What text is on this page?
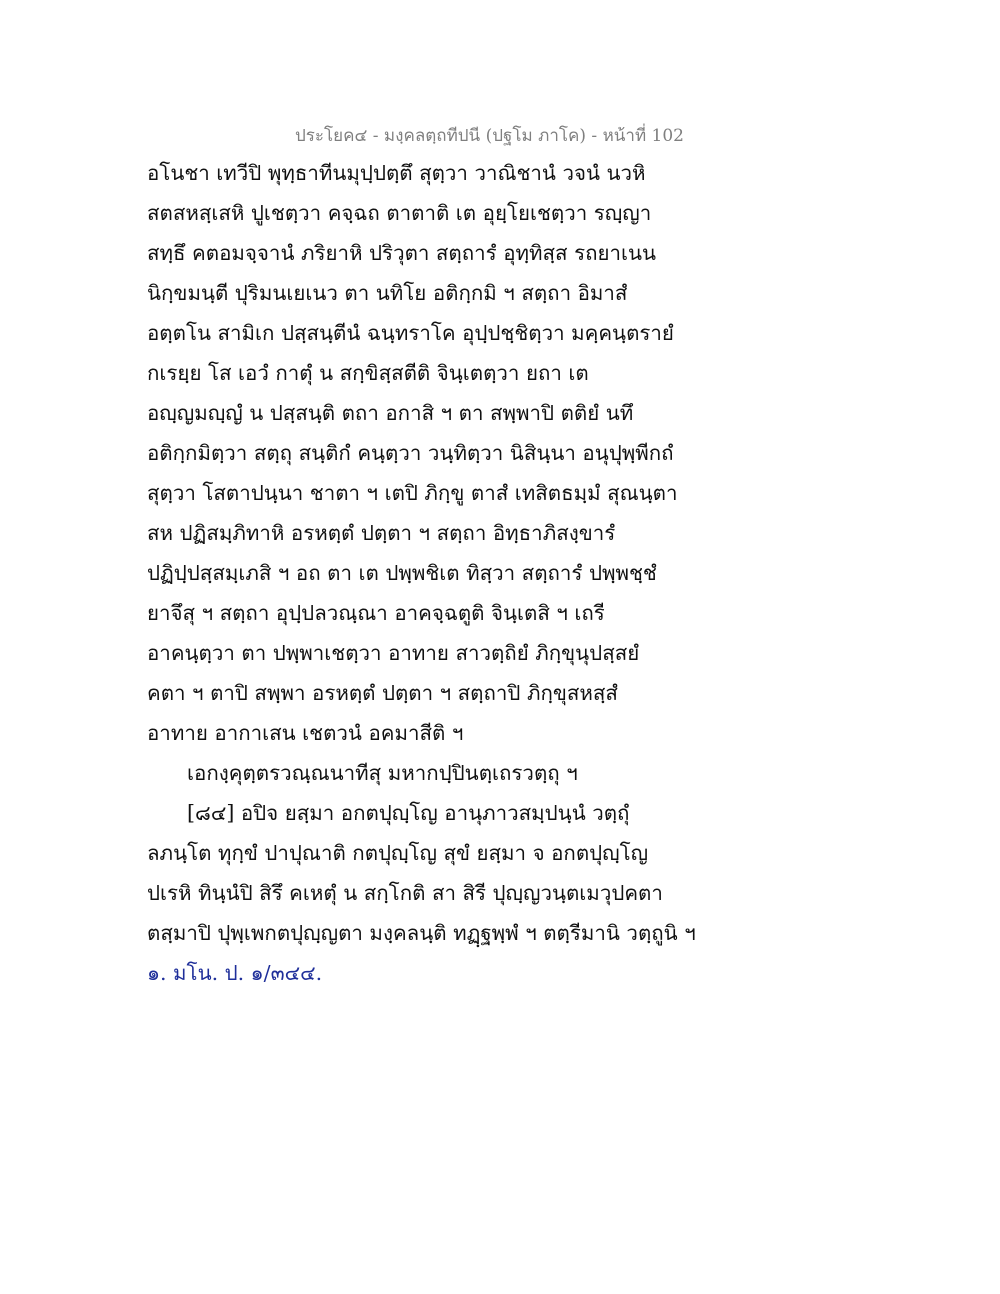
ประโยค๔ - มงฺคลตฺถทีปนี (ปฐโม ภาโค) - หน้าที่ 102
อโนชา เทวีปิ พุทฺธาทีนมุปฺปตฺตึ สุตฺวา วาณิชานํ วจนํ นวหิ
สตสหสฺเสหิ ปูเชตฺวา คจฺฉถ ตาตาติ เต อุยฺโยเชตฺวา รญฺญา
สทฺธึ คตอมจฺจานํ ภริยาหิ ปริวุตา สตฺถารํ อุทฺทิสฺส รถยาเนน
นิกฺขมนฺตี ปุริมนเยเนว ตา นทิโย อติกฺกมิ ฯ สตฺถา อิมาสํ
อตฺตโน สามิเก ปสฺสนฺตีนํ ฉนฺทราโค อุปฺปชฺชิตฺวา มคฺคนฺตรายํ
กเรยฺย โส เอวํ กาตุํ น สกฺขิสฺสตีติ จินฺเตตฺวา ยถา เต
อญฺญมญฺญํ น ปสฺสนฺติ ตถา อกาสิ ฯ ตา สพฺพาปิ ตติยํ นทึ
อติกฺกมิตฺวา สตฺถุ สนฺติกํ คนฺตฺวา วนฺทิตฺวา นิสินฺนา อนุปุพฺพีกถํ
สุตฺวา โสตาปนฺนา ชาตา ฯ เตปิ ภิกฺขู ตาสํ เทสิตธมฺมํ สุณนฺตา
สห ปฏิสมฺภิทาหิ อรหตฺตํ ปตฺตา ฯ สตฺถา อิทฺธาภิสงฺขารํ
ปฏิปฺปสฺสมฺเภสิ ฯ อถ ตา เต ปพฺพชิเต ทิสฺวา สตฺถารํ ปพฺพชฺชํ
ยาจึสุ ฯ สตฺถา อุปฺปลวณฺณา อาคจฺฉตูติ จินฺเตสิ ฯ เถรี
อาคนฺตฺวา ตา ปพฺพาเชตฺวา อาทาย สาวตฺถิยํ ภิกฺขุนุปสฺสยํ
คตา ฯ ตาปิ สพฺพา อรหตฺตํ ปตฺตา ฯ สตฺถาปิ ภิกฺขุสหสฺสํ
อาทาย อากาเสน เชตวนํ อคมาสีติ ฯ
เอกงฺคุตฺตรวณฺณนาทีสุ มหากปฺปินตฺเถรวตฺถุ ฯ
[๘๔] อปิจ ยสฺมา อกตปุญฺโญ อานุภาวสมฺปนฺนํ วตฺถุํ
ลภนฺโต ทุกฺขํ ปาปุณาติ กตปุญฺโญ สุขํ ยสฺมา จ อกตปุญฺโญ
ปเรหิ ทินฺนํปิ สิรึ คเหตุํ น สกฺโกติ สา สิรี ปุญฺญวนฺตเมวุปคตา
ตสฺมาปิ ปุพฺเพกตปุญฺญตา มงฺคลนฺติ ทฏฺฐพฺพํ ฯ ตตฺรีมานิ วตฺถูนิ ฯ
๑. มโน. ป. ๑/๓๔๔.
